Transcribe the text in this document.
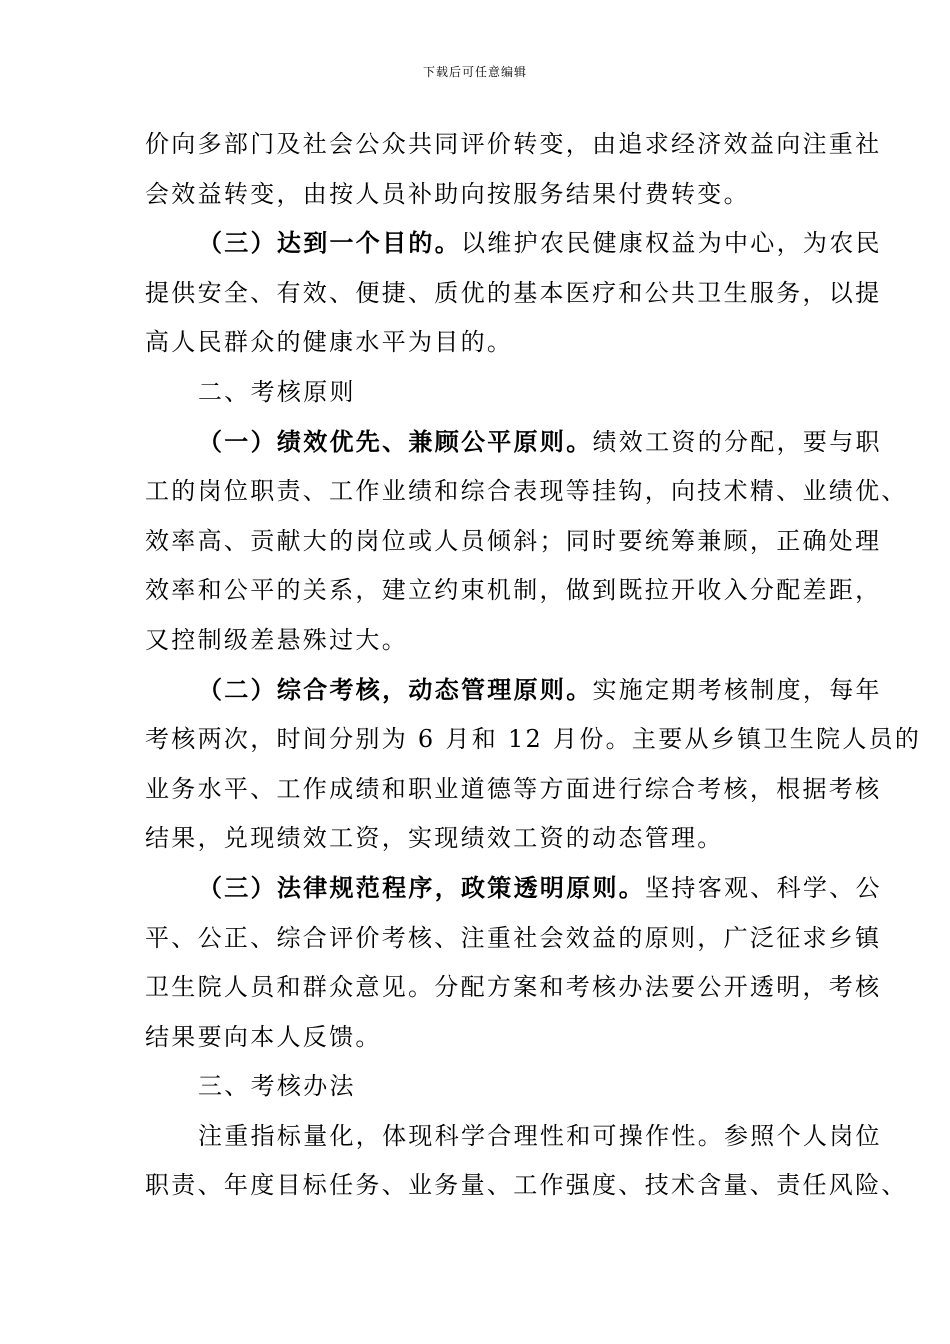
下载后可任意编辑
价向多部门及社会公众共同评价转变，由追求经济效益向注重社
会效益转变，由按人员补助向按服务结果付费转变。
（三）达到一个目的。以维护农民健康权益为中心，为农民
提供安全、有效、便捷、质优的基本医疗和公共卫生服务，以提
高人民群众的健康水平为目的。
二、考核原则
（一）绩效优先、兼顾公平原则。绩效工资的分配，要与职
工的岗位职责、工作业绩和综合表现等挂钩，向技术精、业绩优、
效率高、贡献大的岗位或人员倾斜；同时要统筹兼顾，正确处理
效率和公平的关系，建立约束机制，做到既拉开收入分配差距，
又控制级差悬殊过大。
（二）综合考核，动态管理原则。实施定期考核制度，每年
考核两次，时间分别为 6 月和 12 月份。主要从乡镇卫生院人员的
业务水平、工作成绩和职业道德等方面进行综合考核，根据考核
结果，兑现绩效工资，实现绩效工资的动态管理。
（三）法律规范程序，政策透明原则。坚持客观、科学、公
平、公正、综合评价考核、注重社会效益的原则，广泛征求乡镇
卫生院人员和群众意见。分配方案和考核办法要公开透明，考核
结果要向本人反馈。
三、考核办法
注重指标量化，体现科学合理性和可操作性。参照个人岗位
职责、年度目标任务、业务量、工作强度、技术含量、责任风险、
